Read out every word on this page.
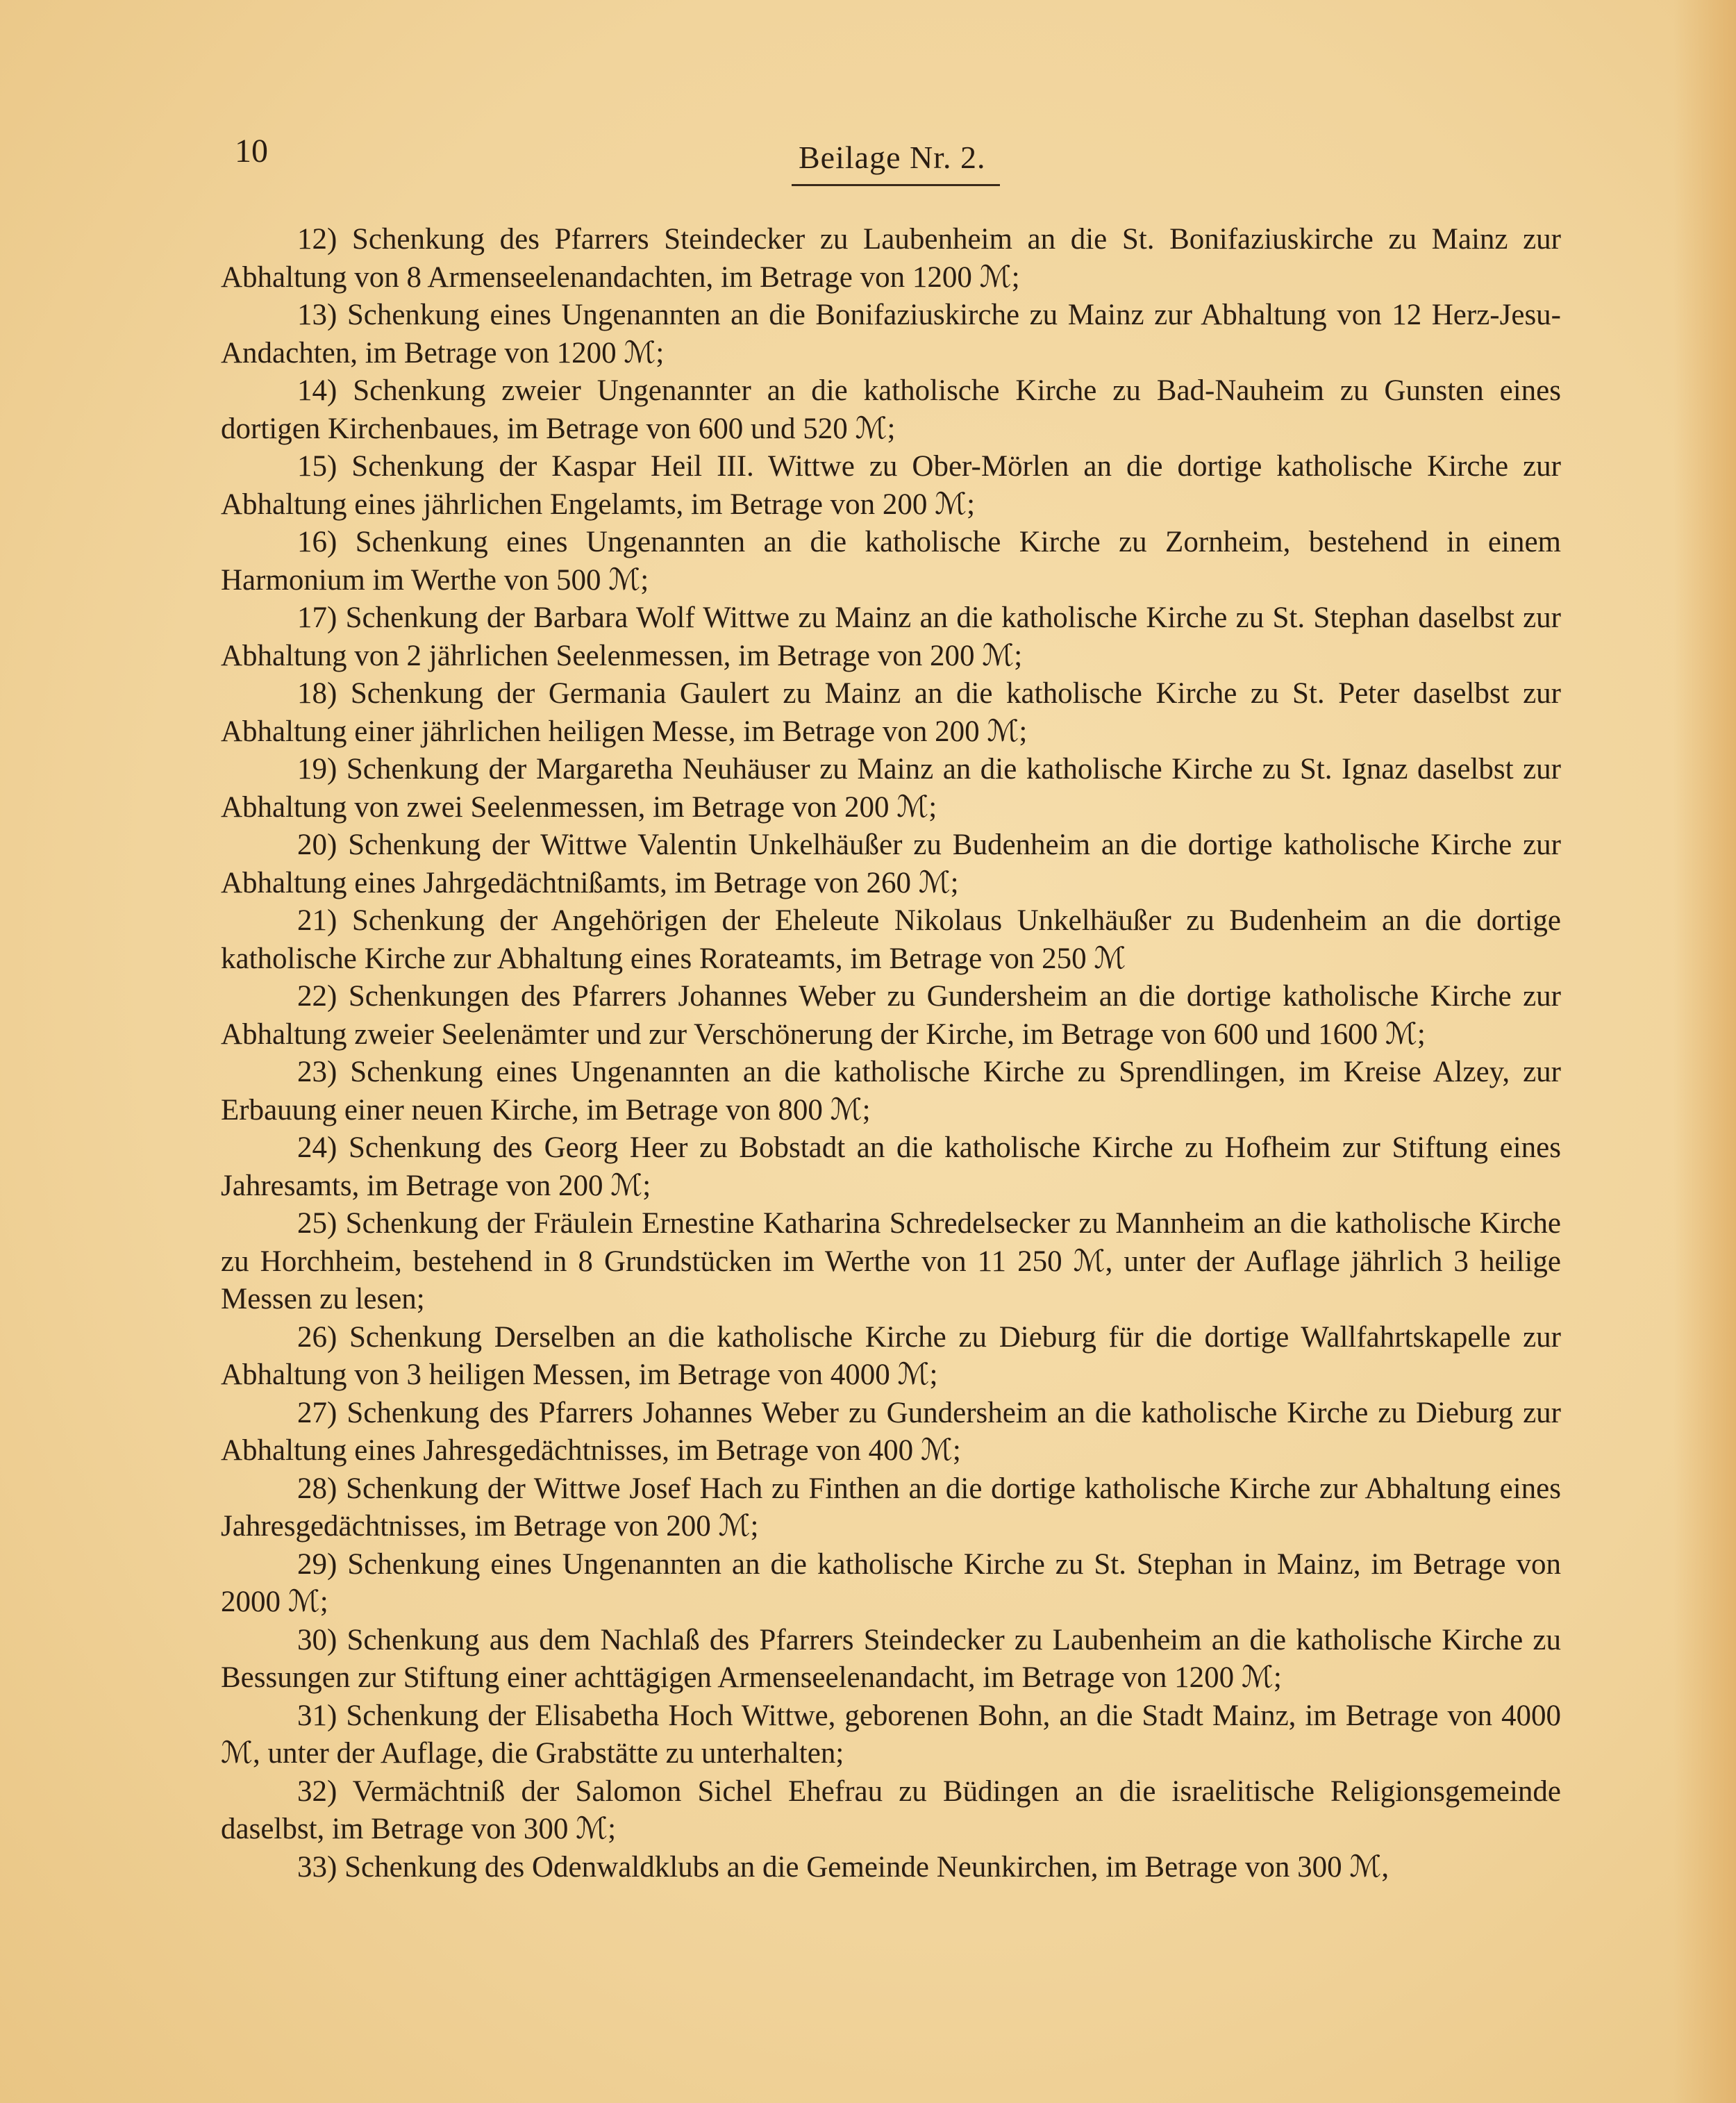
10	Beilage Nr. 2.

12) Schenkung des Pfarrers Steindecker zu Laubenheim an die St. Bonifaziuskirche zu Mainz zur Abhaltung von 8 Armenseelenandachten, im Betrage von 1200 ℳ;

13) Schenkung eines Ungenannten an die Bonifaziuskirche zu Mainz zur Abhaltung von 12 Herz-Jesu-Andachten, im Betrage von 1200 ℳ;

14) Schenkung zweier Ungenannter an die katholische Kirche zu Bad-Nauheim zu Gunsten eines dortigen Kirchenbaues, im Betrage von 600 und 520 ℳ;

15) Schenkung der Kaspar Heil III. Wittwe zu Ober-Mörlen an die dortige katholische Kirche zur Abhaltung eines jährlichen Engelamts, im Betrage von 200 ℳ;

16) Schenkung eines Ungenannten an die katholische Kirche zu Zornheim, bestehend in einem Harmonium im Werthe von 500 ℳ;

17) Schenkung der Barbara Wolf Wittwe zu Mainz an die katholische Kirche zu St. Stephan daselbst zur Abhaltung von 2 jährlichen Seelenmessen, im Betrage von 200 ℳ;

18) Schenkung der Germania Gaulert zu Mainz an die katholische Kirche zu St. Peter daselbst zur Abhaltung einer jährlichen heiligen Messe, im Betrage von 200 ℳ;

19) Schenkung der Margaretha Neuhäuser zu Mainz an die katholische Kirche zu St. Ignaz daselbst zur Abhaltung von zwei Seelenmessen, im Betrage von 200 ℳ;

20) Schenkung der Wittwe Valentin Unkelhäußer zu Budenheim an die dortige katholische Kirche zur Abhaltung eines Jahrgedächtnißamts, im Betrage von 260 ℳ;

21) Schenkung der Angehörigen der Eheleute Nikolaus Unkelhäußer zu Budenheim an die dortige katholische Kirche zur Abhaltung eines Rorateamts, im Betrage von 250 ℳ

22) Schenkungen des Pfarrers Johannes Weber zu Gundersheim an die dortige katholische Kirche zur Abhaltung zweier Seelenämter und zur Verschönerung der Kirche, im Betrage von 600 und 1600 ℳ;

23) Schenkung eines Ungenannten an die katholische Kirche zu Sprendlingen, im Kreise Alzey, zur Erbauung einer neuen Kirche, im Betrage von 800 ℳ;

24) Schenkung des Georg Heer zu Bobstadt an die katholische Kirche zu Hofheim zur Stiftung eines Jahresamts, im Betrage von 200 ℳ;

25) Schenkung der Fräulein Ernestine Katharina Schredelsecker zu Mannheim an die katholische Kirche zu Horchheim, bestehend in 8 Grundstücken im Werthe von 11 250 ℳ, unter der Auflage jährlich 3 heilige Messen zu lesen;

26) Schenkung Derselben an die katholische Kirche zu Dieburg für die dortige Wallfahrtskapelle zur Abhaltung von 3 heiligen Messen, im Betrage von 4000 ℳ;

27) Schenkung des Pfarrers Johannes Weber zu Gundersheim an die katholische Kirche zu Dieburg zur Abhaltung eines Jahresgedächtnisses, im Betrage von 400 ℳ;

28) Schenkung der Wittwe Josef Hach zu Finthen an die dortige katholische Kirche zur Abhaltung eines Jahresgedächtnisses, im Betrage von 200 ℳ;

29) Schenkung eines Ungenannten an die katholische Kirche zu St. Stephan in Mainz, im Betrage von 2000 ℳ;

30) Schenkung aus dem Nachlaß des Pfarrers Steindecker zu Laubenheim an die katholische Kirche zu Bessungen zur Stiftung einer achttägigen Armenseelenandacht, im Betrage von 1200 ℳ;

31) Schenkung der Elisabetha Hoch Wittwe, geborenen Bohn, an die Stadt Mainz, im Betrage von 4000 ℳ, unter der Auflage, die Grabstätte zu unterhalten;

32) Vermächtniß der Salomon Sichel Ehefrau zu Büdingen an die israelitische Religionsgemeinde daselbst, im Betrage von 300 ℳ;

33) Schenkung des Odenwaldklubs an die Gemeinde Neunkirchen, im Betrage von 300 ℳ,
